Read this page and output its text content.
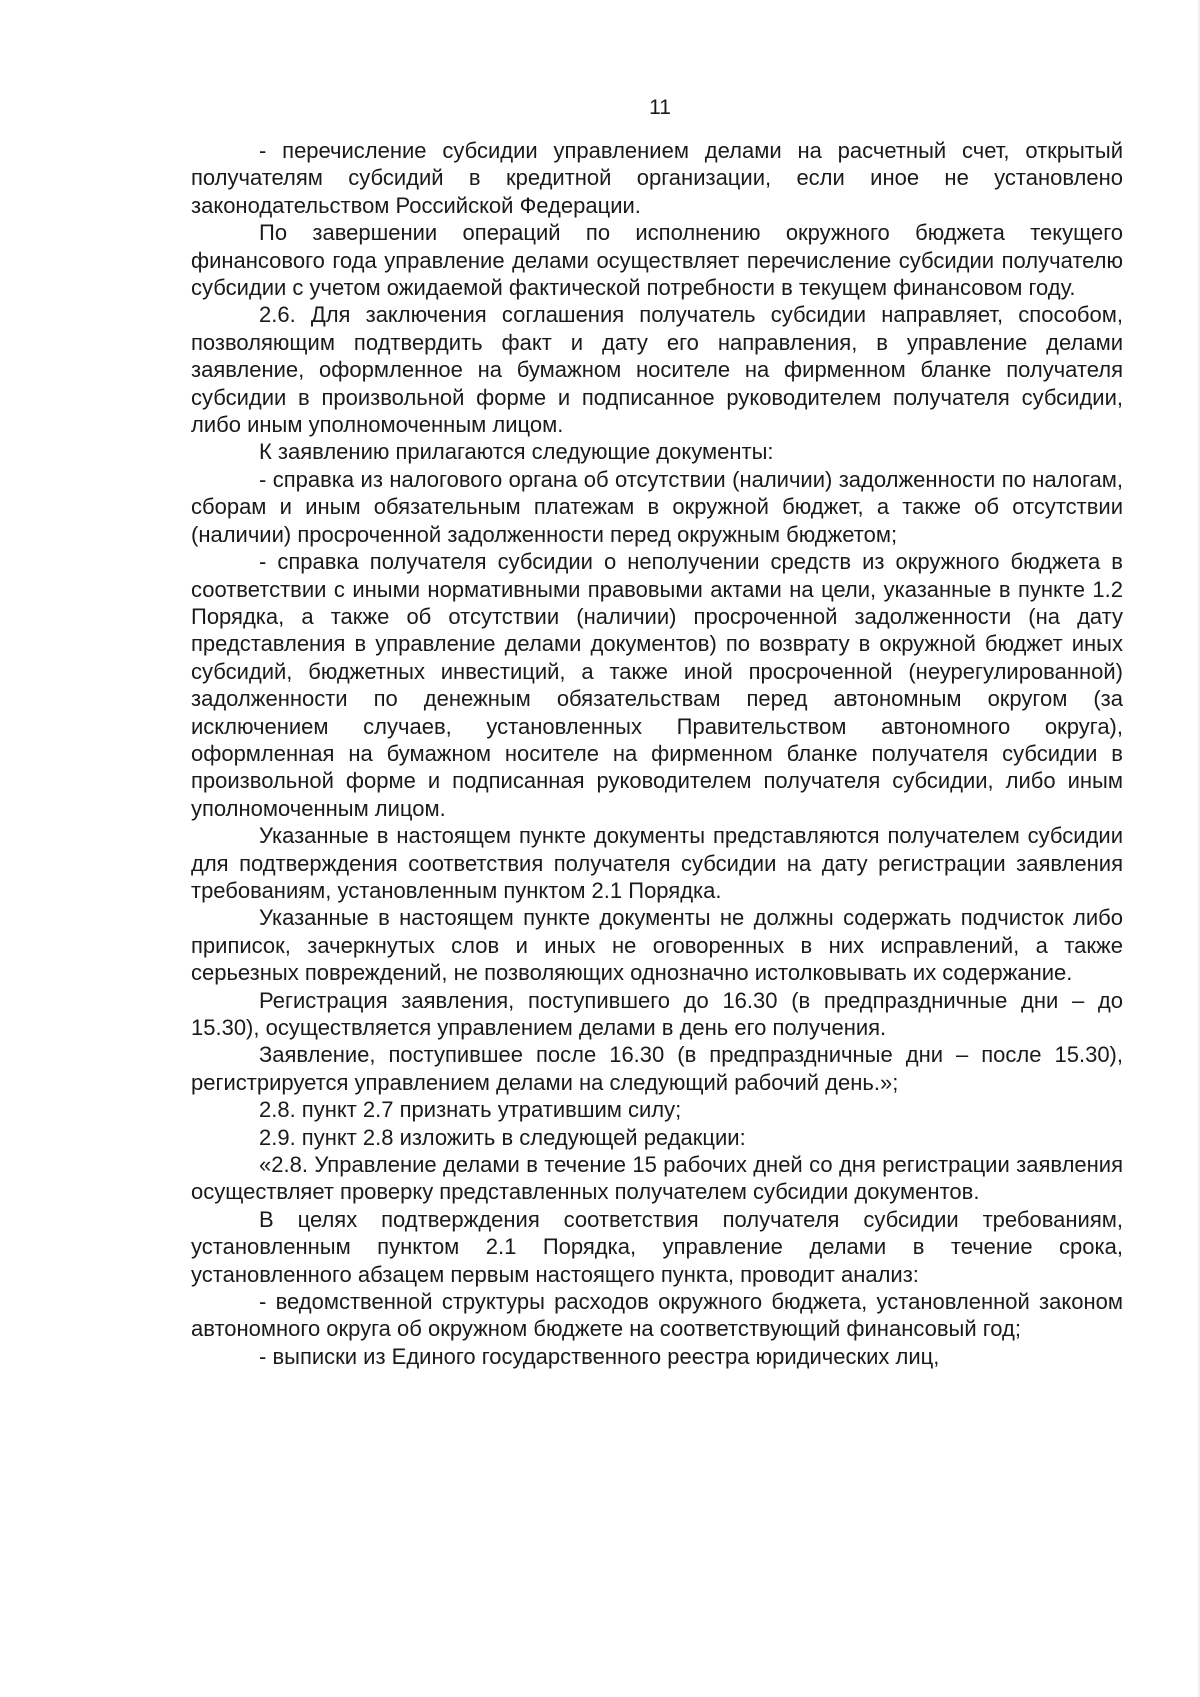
11

- перечисление субсидии управлением делами на расчетный счет, открытый получателям субсидий в кредитной организации, если иное не установлено законодательством Российской Федерации.

По завершении операций по исполнению окружного бюджета текущего финансового года управление делами осуществляет перечисление субсидии получателю субсидии с учетом ожидаемой фактической потребности в текущем финансовом году.

2.6. Для заключения соглашения получатель субсидии направляет, способом, позволяющим подтвердить факт и дату его направления, в управление делами заявление, оформленное на бумажном носителе на фирменном бланке получателя субсидии в произвольной форме и подписанное руководителем получателя субсидии, либо иным уполномоченным лицом.

К заявлению прилагаются следующие документы:

- справка из налогового органа об отсутствии (наличии) задолженности по налогам, сборам и иным обязательным платежам в окружной бюджет, а также об отсутствии (наличии) просроченной задолженности перед окружным бюджетом;

- справка получателя субсидии о неполучении средств из окружного бюджета в соответствии с иными нормативными правовыми актами на цели, указанные в пункте 1.2 Порядка, а также об отсутствии (наличии) просроченной задолженности (на дату представления в управление делами документов) по возврату в окружной бюджет иных субсидий, бюджетных инвестиций, а также иной просроченной (неурегулированной) задолженности по денежным обязательствам перед автономным округом (за исключением случаев, установленных Правительством автономного округа), оформленная на бумажном носителе на фирменном бланке получателя субсидии в произвольной форме и подписанная руководителем получателя субсидии, либо иным уполномоченным лицом.

Указанные в настоящем пункте документы представляются получателем субсидии для подтверждения соответствия получателя субсидии на дату регистрации заявления требованиям, установленным пунктом 2.1 Порядка.

Указанные в настоящем пункте документы не должны содержать подчисток либо приписок, зачеркнутых слов и иных не оговоренных в них исправлений, а также серьезных повреждений, не позволяющих однозначно истолковывать их содержание.

Регистрация заявления, поступившего до 16.30 (в предпраздничные дни – до 15.30), осуществляется управлением делами в день его получения.

Заявление, поступившее после 16.30 (в предпраздничные дни – после 15.30), регистрируется управлением делами на следующий рабочий день.»;

2.8. пункт 2.7 признать утратившим силу;

2.9. пункт 2.8 изложить в следующей редакции:

«2.8. Управление делами в течение 15 рабочих дней со дня регистрации заявления осуществляет проверку представленных получателем субсидии документов.

В целях подтверждения соответствия получателя субсидии требованиям, установленным пунктом 2.1 Порядка, управление делами в течение срока, установленного абзацем первым настоящего пункта, проводит анализ:

- ведомственной структуры расходов окружного бюджета, установленной законом автономного округа об окружном бюджете на соответствующий финансовый год;

- выписки из Единого государственного реестра юридических лиц,
